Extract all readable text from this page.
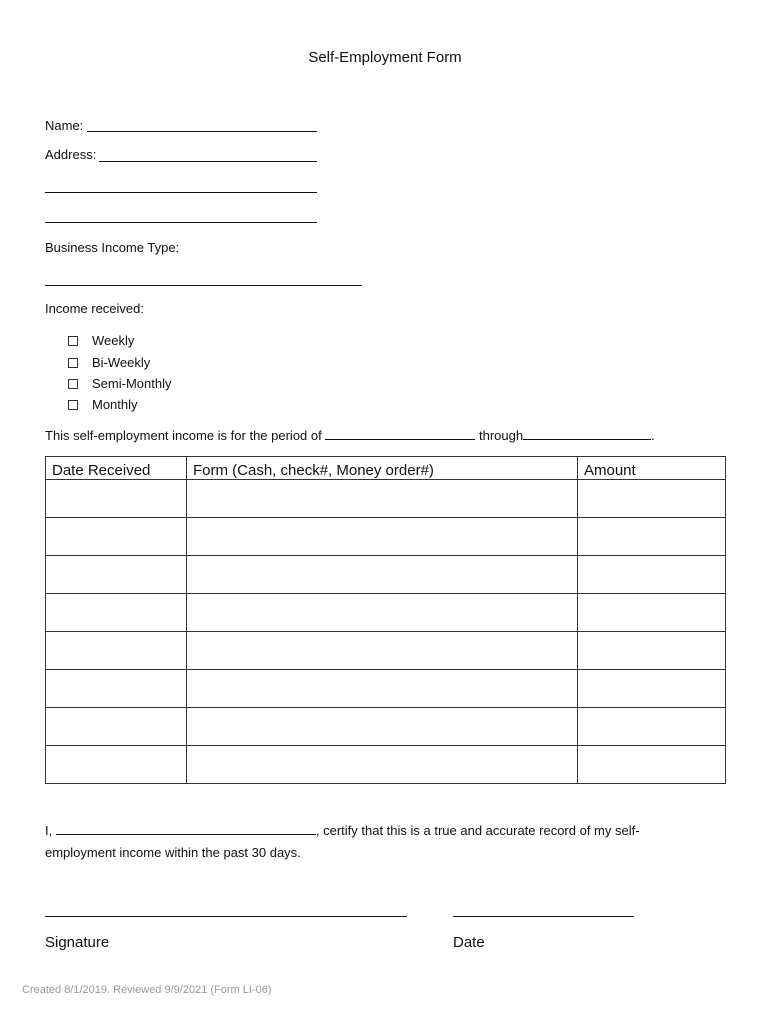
Self-Employment Form
Name:
Address:
Business Income Type:
Income received:
Weekly
Bi-Weekly
Semi-Monthly
Monthly
This self-employment income is for the period of	through	.
Date Received	Form (Cash, check#, Money order#)	Amount

I,	, certify that this is a true and accurate record of my self-employment income within the past 30 days.
Signature	Date
Created 8/1/2019. Reviewed 9/9/2021 (Form LI-06)
